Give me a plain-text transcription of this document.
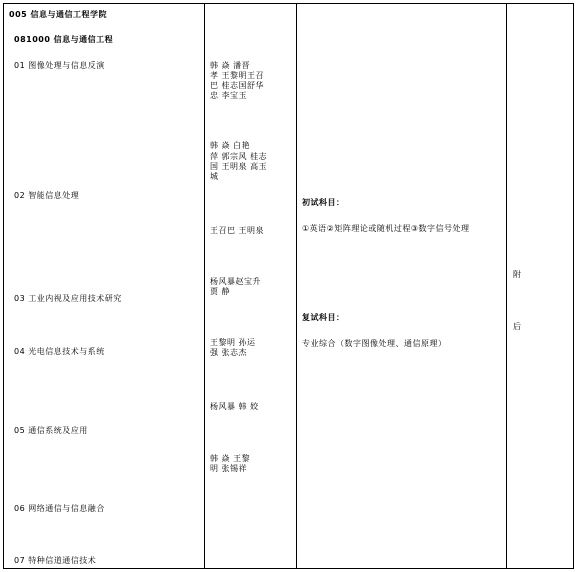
005 信息与通信工程学院
081000 信息与通信工程
01 图像处理与信息反演
02 智能信息处理
03 工业内视及应用技术研究
04 光电信息技术与系统
05 通信系统及应用
06 网络通信与信息融合
07 特种信道通信技术
韩 焱 潘晋
孝 王黎明王召
巴 桂志国舒华
忠 李宝玉
韩 焱 白艳
萍 郭宗风 桂志
国 王明泉 高玉
城
王召巴 王明泉
杨风暴赵宝升
贾 静
王黎明 孙运
强 张志杰
杨风暴 韩 姣
韩 焱 王黎
明 张锡祥
初试科目：
①英语②矩阵理论或随机过程③数字信号处理
复试科目：
专业综合（数字图像处理、通信原理）
附
后
